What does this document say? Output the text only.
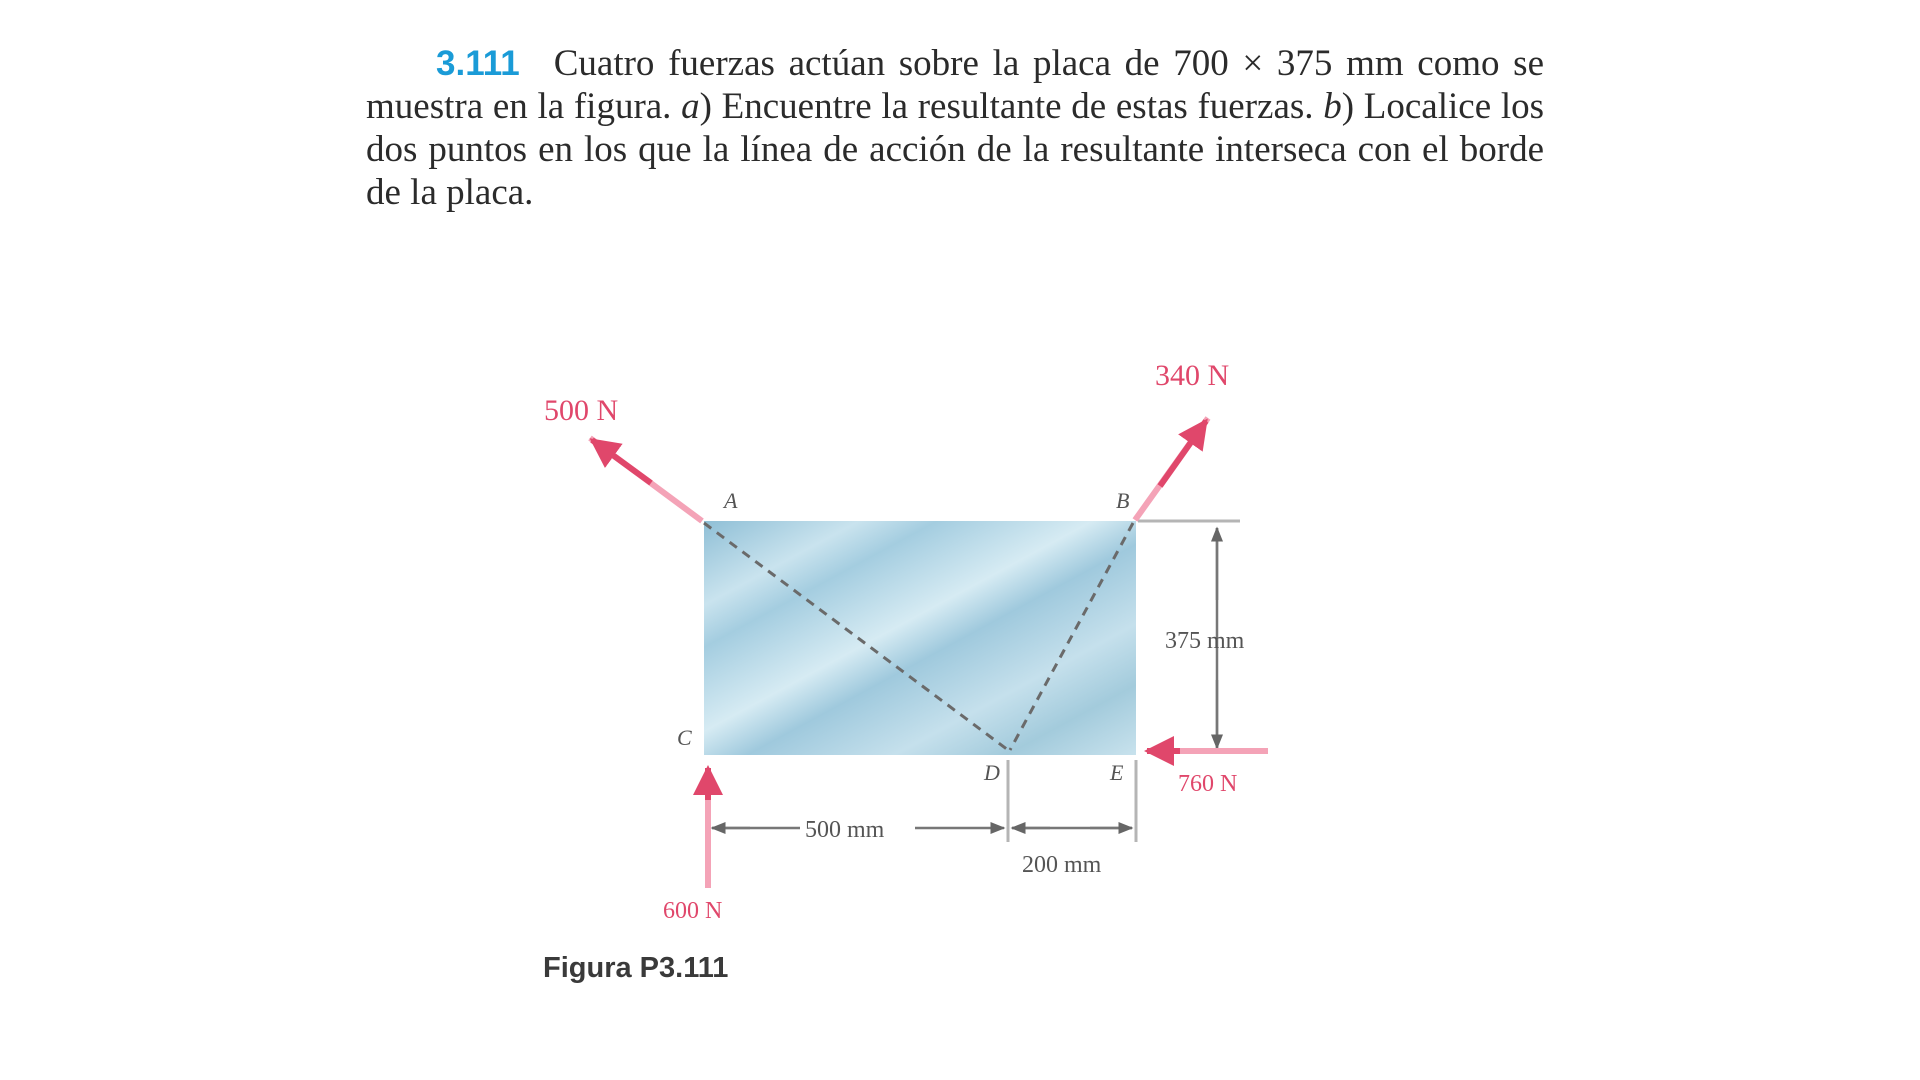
3.111 Cuatro fuerzas actúan sobre la placa de 700 × 375 mm como se muestra en la figura. a) Encuentre la resultante de estas fuerzas. b) Localice los dos puntos en los que la línea de acción de la resultante interseca con el borde de la placa.

500 N
340 N
600 N
760 N
A	B
C
D	E
500 mm
200 mm
375 mm

Figura P3.111
